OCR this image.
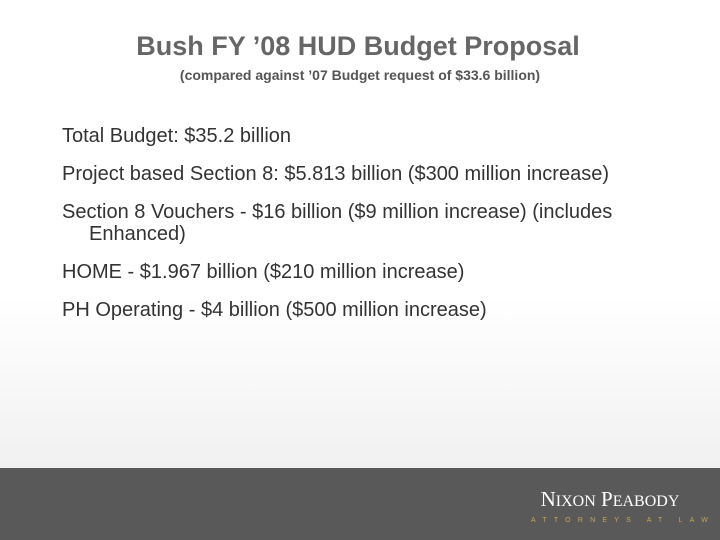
Bush FY ’08 HUD Budget Proposal
(compared against ’07 Budget request of $33.6 billion)
Total Budget: $35.2 billion
Project based Section 8: $5.813 billion ($300 million increase)
Section 8 Vouchers - $16 billion ($9 million increase) (includes Enhanced)
HOME - $1.967 billion ($210 million increase)
PH Operating - $4 billion ($500 million increase)
NIXON PEABODY
ATTORNEYS AT LAW
